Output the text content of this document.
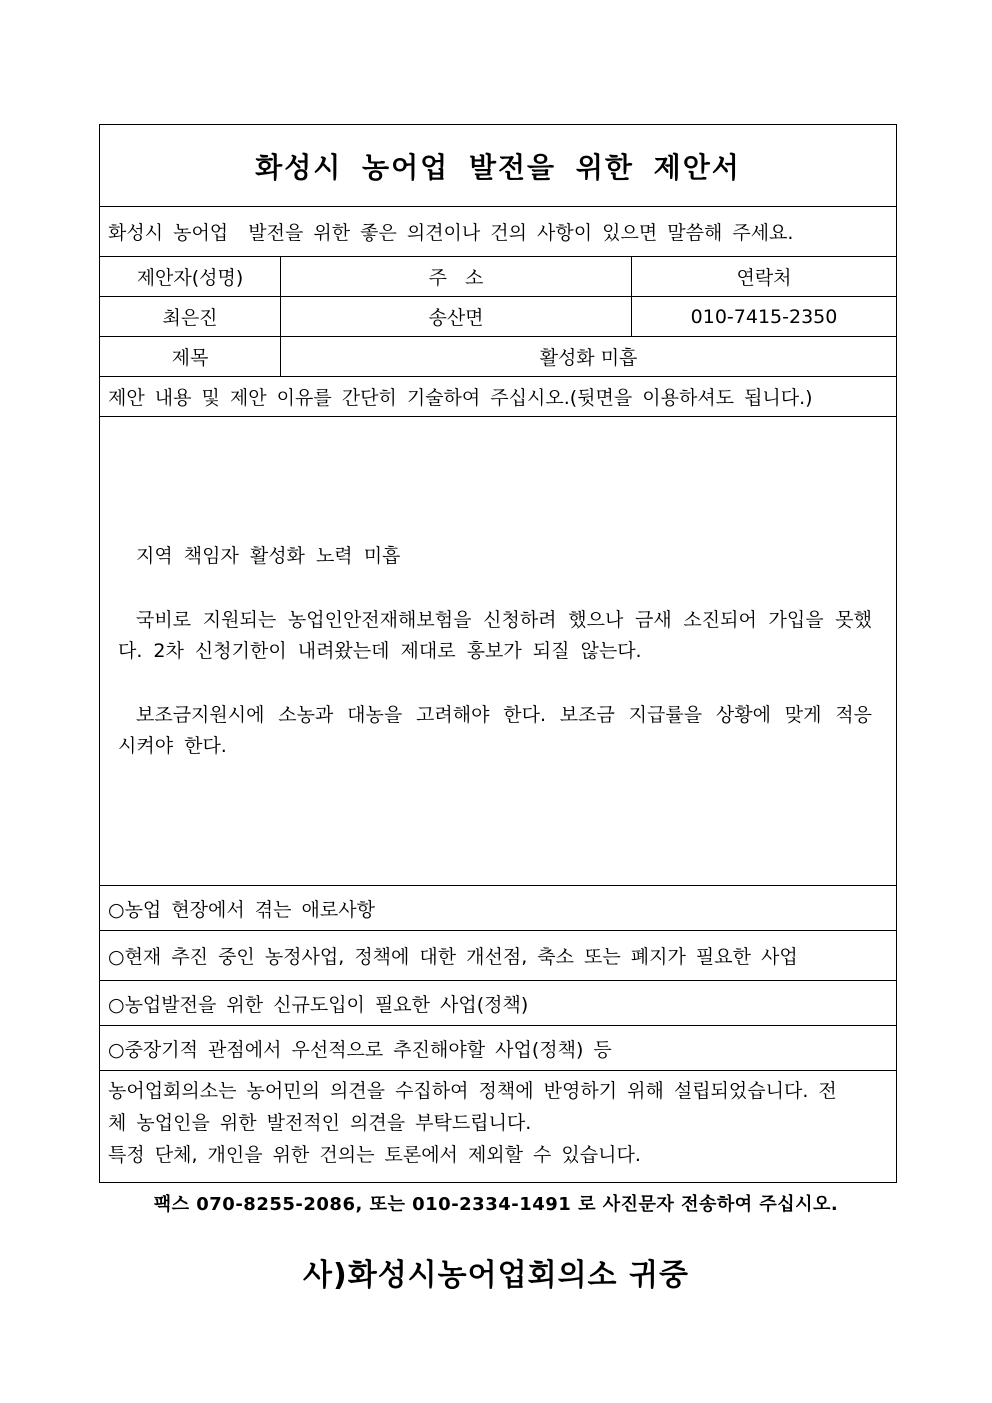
화성시 농어업 발전을 위한 제안서
화성시 농어업  발전을 위한 좋은 의견이나 건의 사항이 있으면 말씀해 주세요.
제안자(성명)	주   소	연락처
최은진	송산면	010-7415-2350
제목	활성화 미흡
제안 내용 및 제안 이유를 간단히 기술하여 주십시오.(뒷면을 이용하셔도 됩니다.)

지역 책임자 활성화 노력 미흡

국비로 지원되는 농업인안전재해보험을 신청하려 했으나 금새 소진되어 가입을 못했다. 2차 신청기한이 내려왔는데 제대로 홍보가 되질 않는다.

보조금지원시에 소농과 대농을 고려해야 한다. 보조금 지급률을 상황에 맞게 적응 시켜야 한다.

○농업 현장에서 겪는 애로사항
○현재 추진 중인 농정사업, 정책에 대한 개선점, 축소 또는 폐지가 필요한 사업
○농업발전을 위한 신규도입이 필요한 사업(정책)
○중장기적 관점에서 우선적으로 추진해야할 사업(정책) 등
농어업회의소는 농어민의 의견을 수집하여 정책에 반영하기 위해 설립되었습니다. 전
체 농업인을 위한 발전적인 의견을 부탁드립니다.
특정 단체, 개인을 위한 건의는 토론에서 제외할 수 있습니다.
팩스 070-8255-2086, 또는 010-2334-1491 로 사진문자 전송하여 주십시오.
사)화성시농어업회의소 귀중
